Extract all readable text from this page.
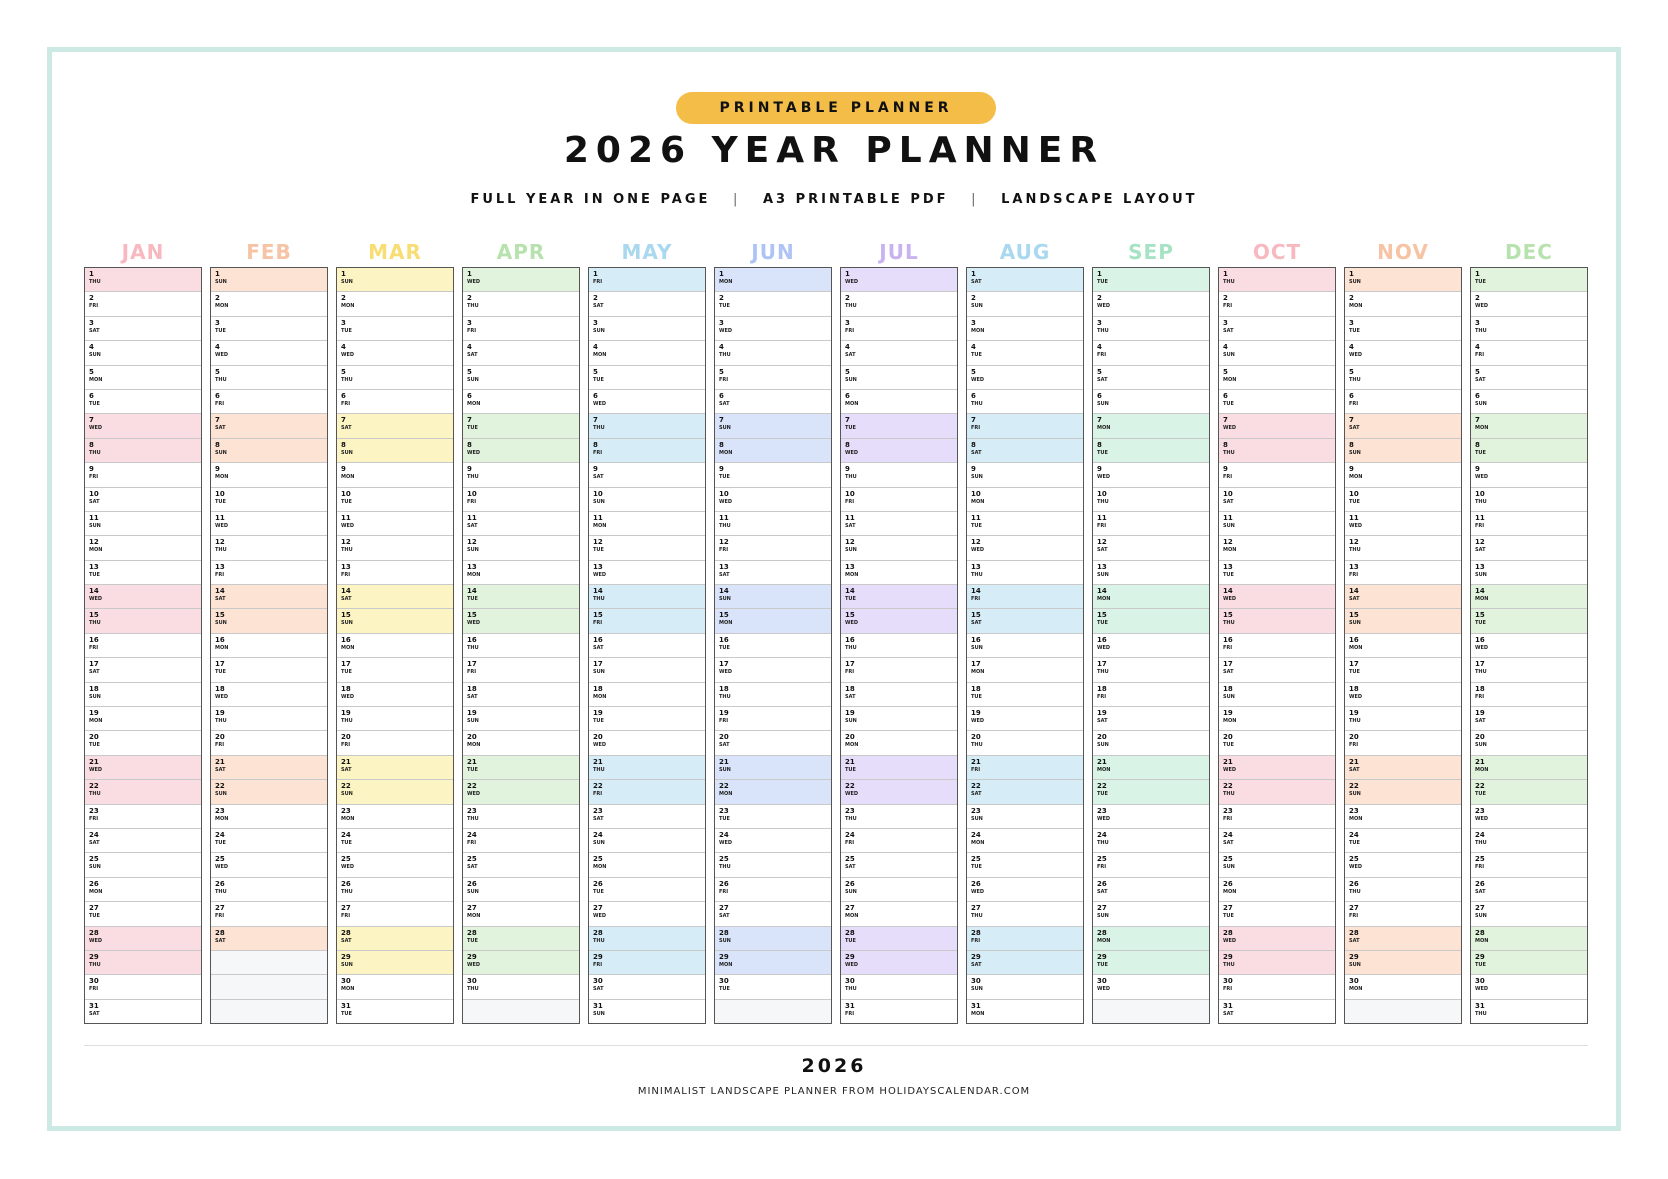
PRINTABLE PLANNER
2026 YEAR PLANNER
FULL YEAR IN ONE PAGE | A3 PRINTABLE PDF | LANDSCAPE LAYOUT
JAN
1
THU
2
FRI
3
SAT
4
SUN
5
MON
6
TUE
7
WED
8
THU
9
FRI
10
SAT
11
SUN
12
MON
13
TUE
14
WED
15
THU
16
FRI
17
SAT
18
SUN
19
MON
20
TUE
21
WED
22
THU
23
FRI
24
SAT
25
SUN
26
MON
27
TUE
28
WED
29
THU
30
FRI
31
SAT
FEB
1
SUN
2
MON
3
TUE
4
WED
5
THU
6
FRI
7
SAT
8
SUN
9
MON
10
TUE
11
WED
12
THU
13
FRI
14
SAT
15
SUN
16
MON
17
TUE
18
WED
19
THU
20
FRI
21
SAT
22
SUN
23
MON
24
TUE
25
WED
26
THU
27
FRI
28
SAT
MAR
1
SUN
2
MON
3
TUE
4
WED
5
THU
6
FRI
7
SAT
8
SUN
9
MON
10
TUE
11
WED
12
THU
13
FRI
14
SAT
15
SUN
16
MON
17
TUE
18
WED
19
THU
20
FRI
21
SAT
22
SUN
23
MON
24
TUE
25
WED
26
THU
27
FRI
28
SAT
29
SUN
30
MON
31
TUE
APR
1
WED
2
THU
3
FRI
4
SAT
5
SUN
6
MON
7
TUE
8
WED
9
THU
10
FRI
11
SAT
12
SUN
13
MON
14
TUE
15
WED
16
THU
17
FRI
18
SAT
19
SUN
20
MON
21
TUE
22
WED
23
THU
24
FRI
25
SAT
26
SUN
27
MON
28
TUE
29
WED
30
THU
MAY
1
FRI
2
SAT
3
SUN
4
MON
5
TUE
6
WED
7
THU
8
FRI
9
SAT
10
SUN
11
MON
12
TUE
13
WED
14
THU
15
FRI
16
SAT
17
SUN
18
MON
19
TUE
20
WED
21
THU
22
FRI
23
SAT
24
SUN
25
MON
26
TUE
27
WED
28
THU
29
FRI
30
SAT
31
SUN
JUN
1
MON
2
TUE
3
WED
4
THU
5
FRI
6
SAT
7
SUN
8
MON
9
TUE
10
WED
11
THU
12
FRI
13
SAT
14
SUN
15
MON
16
TUE
17
WED
18
THU
19
FRI
20
SAT
21
SUN
22
MON
23
TUE
24
WED
25
THU
26
FRI
27
SAT
28
SUN
29
MON
30
TUE
JUL
1
WED
2
THU
3
FRI
4
SAT
5
SUN
6
MON
7
TUE
8
WED
9
THU
10
FRI
11
SAT
12
SUN
13
MON
14
TUE
15
WED
16
THU
17
FRI
18
SAT
19
SUN
20
MON
21
TUE
22
WED
23
THU
24
FRI
25
SAT
26
SUN
27
MON
28
TUE
29
WED
30
THU
31
FRI
AUG
1
SAT
2
SUN
3
MON
4
TUE
5
WED
6
THU
7
FRI
8
SAT
9
SUN
10
MON
11
TUE
12
WED
13
THU
14
FRI
15
SAT
16
SUN
17
MON
18
TUE
19
WED
20
THU
21
FRI
22
SAT
23
SUN
24
MON
25
TUE
26
WED
27
THU
28
FRI
29
SAT
30
SUN
31
MON
SEP
1
TUE
2
WED
3
THU
4
FRI
5
SAT
6
SUN
7
MON
8
TUE
9
WED
10
THU
11
FRI
12
SAT
13
SUN
14
MON
15
TUE
16
WED
17
THU
18
FRI
19
SAT
20
SUN
21
MON
22
TUE
23
WED
24
THU
25
FRI
26
SAT
27
SUN
28
MON
29
TUE
30
WED
OCT
1
THU
2
FRI
3
SAT
4
SUN
5
MON
6
TUE
7
WED
8
THU
9
FRI
10
SAT
11
SUN
12
MON
13
TUE
14
WED
15
THU
16
FRI
17
SAT
18
SUN
19
MON
20
TUE
21
WED
22
THU
23
FRI
24
SAT
25
SUN
26
MON
27
TUE
28
WED
29
THU
30
FRI
31
SAT
NOV
1
SUN
2
MON
3
TUE
4
WED
5
THU
6
FRI
7
SAT
8
SUN
9
MON
10
TUE
11
WED
12
THU
13
FRI
14
SAT
15
SUN
16
MON
17
TUE
18
WED
19
THU
20
FRI
21
SAT
22
SUN
23
MON
24
TUE
25
WED
26
THU
27
FRI
28
SAT
29
SUN
30
MON
DEC
1
TUE
2
WED
3
THU
4
FRI
5
SAT
6
SUN
7
MON
8
TUE
9
WED
10
THU
11
FRI
12
SAT
13
SUN
14
MON
15
TUE
16
WED
17
THU
18
FRI
19
SAT
20
SUN
21
MON
22
TUE
23
WED
24
THU
25
FRI
26
SAT
27
SUN
28
MON
29
TUE
30
WED
31
THU
2026
MINIMALIST LANDSCAPE PLANNER FROM HOLIDAYSCALENDAR.COM
